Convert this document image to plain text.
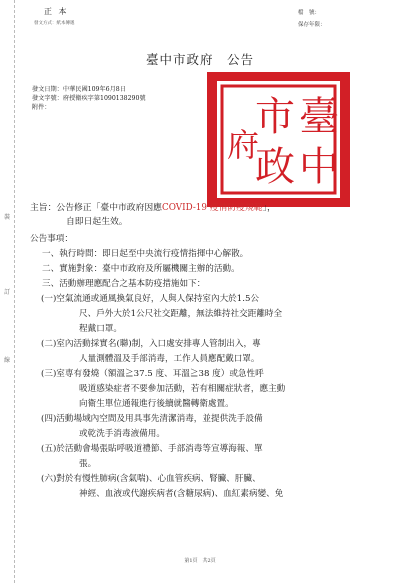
正 本
發文方式：紙本傳遞
檔　號：
保存年限：
臺中市政府　公告
發文日期：中華民國109年6月8日
發文字號：府授衛疾字第1090138290號
附件：	臺
中
市
政
府
裝
訂
線
主旨：公告修正「臺中市政府因應COVID-19 疫情防疫規範」，
自即日起生效。

公告事項：

一、執行時間：即日起至中央流行疫情指揮中心解散。

二、實施對象：臺中市政府及所屬機關主辦的活動。

三、活動辦理應配合之基本防疫措施如下：

(一)空氣流通或通風換氣良好，人與人保持室內大於1.5公
尺、戶外大於1公尺社交距離，無法維持社交距離時全
程戴口罩。
(二)室內活動採實名(聯)制，入口處安排專人管制出入，專
人量測體溫及手部消毒，工作人員應配戴口罩。
(三)室専有發燒（額溫≧37.5 度、耳溫≧38 度）或急性呼
吸道感染症者不要參加活動，若有相關症狀者，應主動
向衛生單位通報進行後續就醫轉衛處置。
(四)活動場域內空間及用具事先清潔消毒，並提供洗手設備
或乾洗手消毒液備用。
(五)於活動會場張貼呼吸道禮節、手部消毒等宣導海報、單
張。
(六)對於有慢性肺病(含氣喘)、心血管疾病、腎臟、肝臟、
神經、血液或代謝疾病者(含糖尿病)、血紅素病變、免
第1頁　共2頁
